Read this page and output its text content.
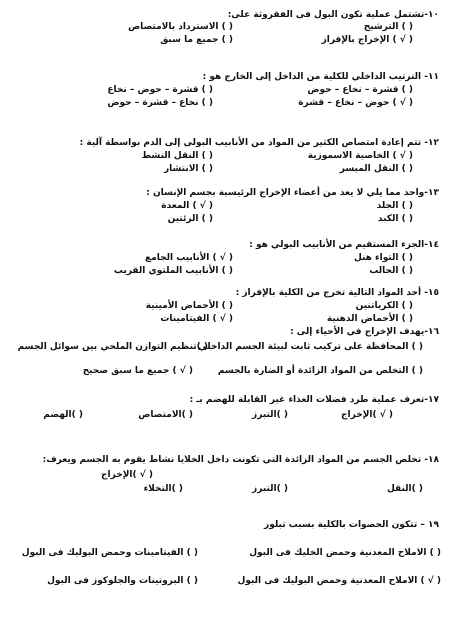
١٠-تشتمل عملية تكون البول فى الفقروثة على:
( ) الترشيح
( ) الاسترداد بالامتصاص
( √ ) الإخراج بالإفراز
( ) جميع ما سبق
١١- الترتيب الداخلي للكلية من الداخل إلى الخارج هو :
( ) قشرة – نخاع – حوض
( ) قشرة – حوض – نخاع
( √ ) حوض – نخاع – قشرة
( ) نخاع – قشرة – حوض
١٢- تتم إعادة امتصاص الكثير من المواد من الأنابيب البولى إلى الدم بواسطة آلية :
( √ ) الخاصية الاسموزية
( ) النقل النشط
( ) النقل الميسر
( ) الانتشار
١٣-واحد مما يلي لا يعد من أعضاء الإخراج الرئيسية بجسم الإنسان :
( ) الجلد
( √ ) المعدة
( ) الكبد
( ) الرئتين
١٤-الجزء المستقيم من الأنابيب البولي هو :
( ) التواء هنل
( √ ) الأنابيب الجامع
( ) الحالب
( ) الأنابيب الملتوي القريب
١٥- أحد المواد التالية تخرج من الكلية بالإفراز :
( ) الكرياتنين
( ) الأحماض الأمينية
( ) الأحماض الدهنية
( √ ) الفيتامينات
١٦-يهدف الإخراج في الأحياء إلى :
( ) المحافظة على تركيب ثابت لبيئة الجسم الداخلي
( )تنظيم التوازن الملحي بين سوائل الجسم
( ) التخلص من المواد الزائدة أو الضارة بالجسم
( √ ) جميع ما سبق صحيح
١٧-تعرف عملية طرد فضلات الغذاء غير القابلة للهضم بـ :
( √ )الإخراج
( )التبرز
( )الامتصاص
( )الهضم
١٨- تخلص الجسم من المواد الزائدة التي تكونت داخل الخلايا نشاط يقوم به الجسم ويعرف:
( √ )الإخراج
( )النقل
( )التبرز
( )التخلاء
١٩ – تتكون الحصوات بالكلية بسبب تبلور
( ) الاملاح المعدنية وحمض الخليك فى البول
( ) الفيتامينات وحمض البوليك فى البول
( √ ) الاملاح المعدنية وحمض البوليك فى البول
( ) البروتينات والجلوكوز فى البول
